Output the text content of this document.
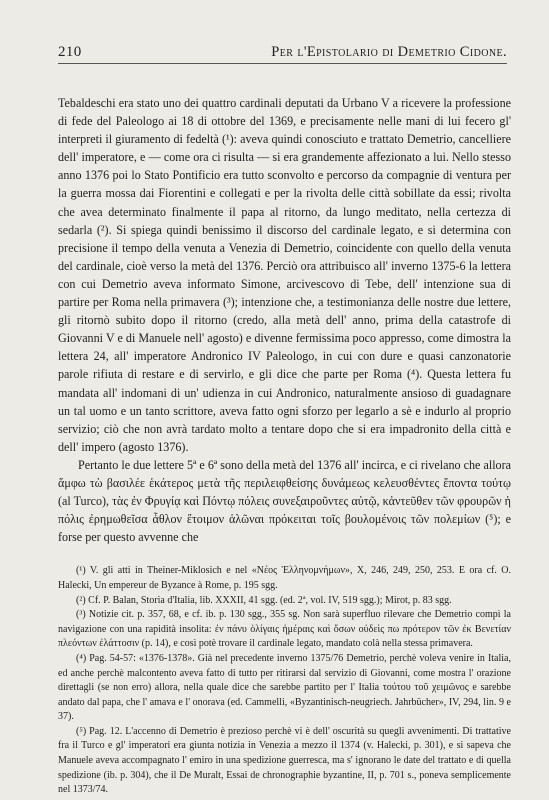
210	Per l'Epistolario di Demetrio Cidone.

Tebaldeschi era stato uno dei quattro cardinali deputati da Urbano V a ricevere la professione di fede del Paleologo ai 18 di ottobre del 1369, e precisamente nelle mani di lui fecero gl' interpreti il giuramento di fedeltà (¹): aveva quindi conosciuto e trattato Demetrio, cancelliere dell' imperatore, e — come ora ci risulta — si era grandemente affezionato a lui. Nello stesso anno 1376 poi lo Stato Pontificio era tutto sconvolto e percorso da compagnie di ventura per la guerra mossa dai Fiorentini e collegati e per la rivolta delle città sobillate da essi; rivolta che avea determinato finalmente il papa al ritorno, da lungo meditato, nella certezza di sedarla (²). Si spiega quindi benissimo il discorso del cardinale legato, e si determina con precisione il tempo della venuta a Venezia di Demetrio, coincidente con quello della venuta del cardinale, cioè verso la metà del 1376. Perciò ora attribuisco all' inverno 1375-6 la lettera con cui Demetrio aveva informato Simone, arcivescovo di Tebe, dell' intenzione sua di partire per Roma nella primavera (³); intenzione che, a testimonianza delle nostre due lettere, gli ritornò subito dopo il ritorno (credo, alla metà dell' anno, prima della catastrofe di Giovanni V e di Manuele nell' agosto) e divenne fermissima poco appresso, come dimostra la lettera 24, all' imperatore Andronico IV Paleologo, in cui con dure e quasi canzonatorie parole rifiuta di restare e di servirlo, e gli dice che parte per Roma (⁴). Questa lettera fu mandata all' indomani di un' udienza in cui Andronico, naturalmente ansioso di guadagnare un tal uomo e un tanto scrittore, aveva fatto ogni sforzo per legarlo a sè e indurlo al proprio servizio; ciò che non avrà tardato molto a tentare dopo che si era impadronito della città e dell' impero (agosto 1376).

Pertanto le due lettere 5ª e 6ª sono della metà del 1376 all' incirca, e ci rivelano che allora ἅμφω τὼ βασιλέε ἑκάτερος μετὰ τῆς περιλειφθείσης δυνάμεως κελευσθέντες ἕποντα τούτῳ (al Turco), τὰς ἐν Φρυγίᾳ καὶ Πόντῳ πόλεις συνεξαιροῦντες αὐτῷ, κἀντεῦθεν τῶν φρουρῶν ἡ πόλις ἐρημωθεῖσα ἆθλον ἕτοιμον ἁλῶναι πρόκειται τοῖς βουλομένοις τῶν πολεμίων (⁵); e forse per questo avvenne che

(¹) V. gli atti in Theiner-Miklosich e nel «Νέος Ἑλληνομνήμων», X, 246, 249, 250, 253. E ora cf. O. Halecki, Un empereur de Byzance à Rome, p. 195 sgg.

(²) Cf. P. Balan, Storia d'Italia, lib. XXXII, 41 sgg. (ed. 2ª, vol. IV, 519 sgg.); Mirot, p. 83 sgg.

(³) Notizie cit. p. 357, 68, e cf. ib. p. 130 sgg., 355 sg. Non sarà superfluo rilevare che Demetrio compì la navigazione con una rapidità insolita: ἐν πάνυ ὀλίγαις ἡμέραις καὶ ὅσων οὐδεὶς πω πρότερον τῶν ἐκ Βενετίαν πλεόντων ἐλάττοσιν (p. 14), e così potè trovare il cardinale legato, mandato colà nella stessa primavera.

(⁴) Pag. 54-57: «1376-1378». Già nel precedente inverno 1375/76 Demetrio, perchè voleva venire in Italia, ed anche perchè malcontento aveva fatto di tutto per ritirarsi dal servizio di Giovanni, come mostra l' orazione direttagli (se non erro) allora, nella quale dice che sarebbe partito per l' Italia τούτου τοῦ χειμῶνος e sarebbe andato dal papa, che l' amava e l' onorava (ed. Cammelli, «Byzantinisch-neugriech. Jahrbücher», IV, 294, lin. 9 e 37).

(⁵) Pag. 12. L'accenno di Demetrio è prezioso perchè vi è dell' oscurità su quegli avvenimenti. Di trattative fra il Turco e gl' imperatori era giunta notizia in Venezia a mezzo il 1374 (v. Halecki, p. 301), e si sapeva che Manuele aveva accompagnato l' emiro in una spedizione guerresca, ma s' ignorano le date del trattato e di quella spedizione (ib. p. 304), che il De Muralt, Essai de chronographie byzantine, II, p. 701 s., poneva semplicemente nel 1373/74.
